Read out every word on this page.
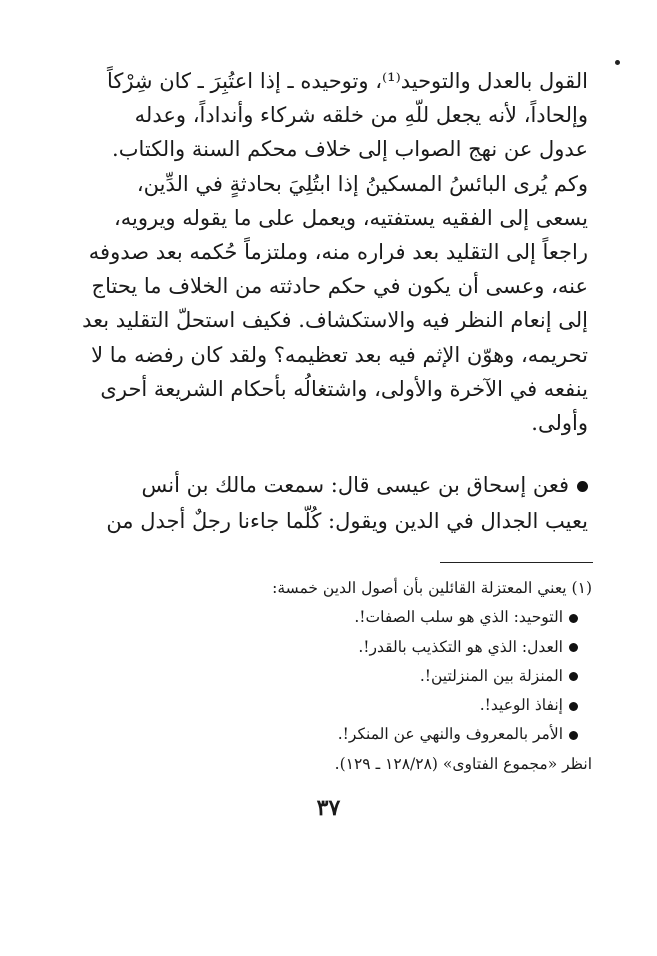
القول بالعدل والتوحيد⁽¹⁾، وتوحيده ـ إذا اعتُبِرَ ـ كان شِرْكاً
وإلحاداً، لأنه يجعل للّهِ من خلقه شركاء وأنداداً، وعدله
عدول عن نهج الصواب إلى خلاف محكم السنة والكتاب.
وكم يُرى البائسُ المسكينُ إذا ابتُلِيَ بحادثةٍ في الدِّين،
يسعى إلى الفقيه يستفتيه، ويعمل على ما يقوله ويرويه،
راجعاً إلى التقليد بعد فراره منه، وملتزماً حُكمه بعد صدوفه
عنه، وعسى أن يكون في حكم حادثته من الخلاف ما يحتاج
إلى إنعام النظر فيه والاستكشاف. فكيف استحلّ التقليد بعد
تحريمه، وهوّن الإثم فيه بعد تعظيمه؟ ولقد كان رفضه ما لا
ينفعه في الآخرة والأولى، واشتغالُه بأحكام الشريعة أحرى
وأولى.
فعن إسحاق بن عيسى قال: سمعت مالك بن أنس
يعيب الجدال في الدين ويقول: كُلّما جاءنا رجلٌ أجدل من
(١) يعني المعتزلة القائلين بأن أصول الدين خمسة:
التوحيد: الذي هو سلب الصفات!.
العدل: الذي هو التكذيب بالقدر!.
المنزلة بين المنزلتين!.
إنفاذ الوعيد!.
الأمر بالمعروف والنهي عن المنكر!.
انظر «مجموع الفتاوى» (١٢٨/٢٨ ـ ١٢٩).
٣٧
